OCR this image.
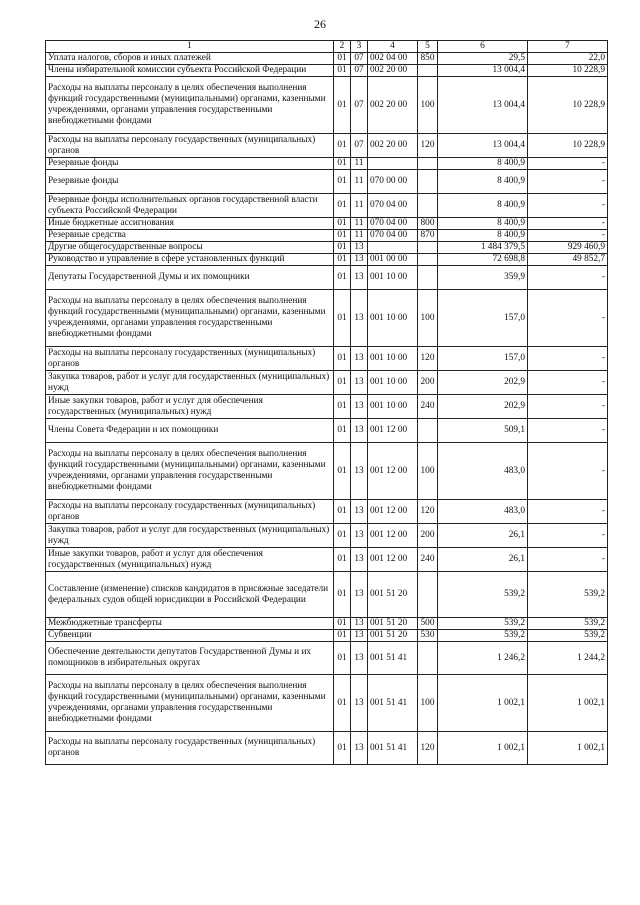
26
1	2	3	4	5	6	7
Уплата налогов, сборов и иных платежей	01	07	002 04 00	850	29,5	22,0
Члены избирательной комиссии субъекта Российской Федерации	01	07	002 20 00		13 004,4	10 228,9
Расходы на выплаты персоналу в целях обеспечения выполнения функций государственными (муниципальными) органами, казенными учреждениями, органами управления государственными внебюджетными фондами	01	07	002 20 00	100	13 004,4	10 228,9
Расходы на выплаты персоналу государственных (муниципальных) органов	01	07	002 20 00	120	13 004,4	10 228,9
Резервные фонды	01	11			8 400,9	-
Резервные фонды	01	11	070 00 00		8 400,9	-
Резервные фонды исполнительных органов государственной власти субъекта Российской Федерации	01	11	070 04 00		8 400,9	-
Иные бюджетные ассигнования	01	11	070 04 00	800	8 400,9	-
Резервные средства	01	11	070 04 00	870	8 400,9	-
Другие общегосударственные вопросы	01	13			1 484 379,5	929 460,9
Руководство и управление в сфере установленных функций	01	13	001 00 00		72 698,8	49 852,7
Депутаты Государственной Думы и их помощники	01	13	001 10 00		359,9	-
Расходы на выплаты персоналу в целях обеспечения выполнения функций государственными (муниципальными) органами, казенными учреждениями, органами управления государственными внебюджетными фондами	01	13	001 10 00	100	157,0	-
Расходы на выплаты персоналу государственных (муниципальных) органов	01	13	001 10 00	120	157,0	-
Закупка товаров, работ и услуг для государственных (муниципальных) нужд	01	13	001 10 00	200	202,9	-
Иные закупки товаров, работ и услуг для обеспечения государственных (муниципальных) нужд	01	13	001 10 00	240	202,9	-
Члены Совета Федерации и их помощники	01	13	001 12 00		509,1	-
Расходы на выплаты персоналу в целях обеспечения выполнения функций государственными (муниципальными) органами, казенными учреждениями, органами управления государственными внебюджетными фондами	01	13	001 12 00	100	483,0	-
Расходы на выплаты персоналу государственных (муниципальных) органов	01	13	001 12 00	120	483,0	-
Закупка товаров, работ и услуг для государственных (муниципальных) нужд	01	13	001 12 00	200	26,1	-
Иные закупки товаров, работ и услуг для обеспечения государственных (муниципальных) нужд	01	13	001 12 00	240	26,1	-
Составление (изменение) списков кандидатов в присяжные заседатели федеральных судов общей юрисдикции в Российской Федерации	01	13	001 51 20		539,2	539,2
Межбюджетные трансферты	01	13	001 51 20	500	539,2	539,2
Субвенции	01	13	001 51 20	530	539,2	539,2
Обеспечение деятельности депутатов Государственной Думы и их помощников в избирательных округах	01	13	001 51 41		1 246,2	1 244,2
Расходы на выплаты персоналу в целях обеспечения выполнения функций государственными (муниципальными) органами, казенными учреждениями, органами управления государственными внебюджетными фондами	01	13	001 51 41	100	1 002,1	1 002,1
Расходы на выплаты персоналу государственных (муниципальных) органов	01	13	001 51 41	120	1 002,1	1 002,1
